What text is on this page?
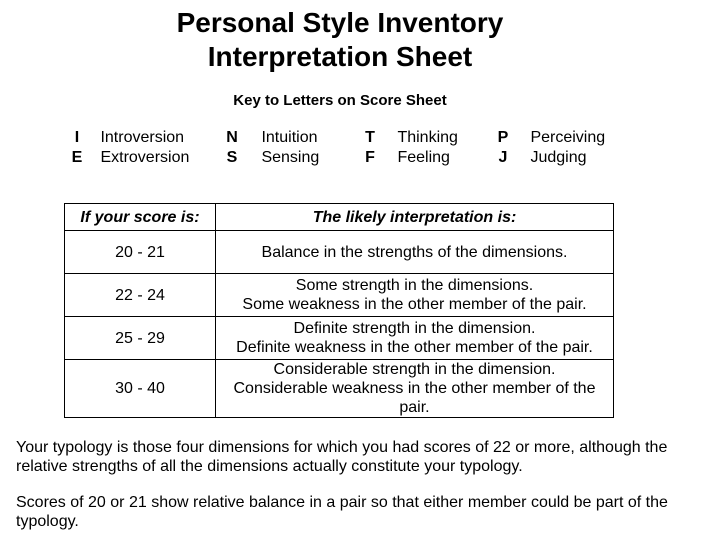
Personal Style Inventory
Interpretation Sheet
Key to Letters on Score Sheet
I Introversion
E Extroversion
N Intuition
S Sensing
T Thinking
F Feeling
P Perceiving
J Judging
If your score is:	The likely interpretation is:
20 - 21	Balance in the strengths of the dimensions.

22 - 24	Some strength in the dimensions.
Some weakness in the other member of the pair.

25 - 29	Definite strength in the dimension.
Definite weakness in the other member of the pair.

30 - 40	Considerable strength in the dimension.
Considerable weakness in the other member of the
pair.
Your typology is those four dimensions for which you had scores of 22 or more, although the relative strengths of all the dimensions actually constitute your typology.
Scores of 20 or 21 show relative balance in a pair so that either member could be part of the typology.
